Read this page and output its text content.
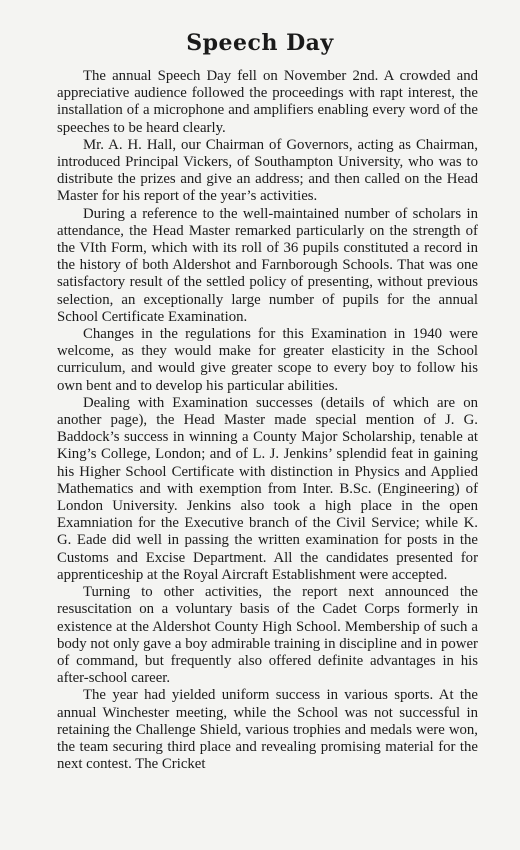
Speech Day

The annual Speech Day fell on November 2nd. A crowded and appreciative audience followed the proceedings with rapt interest, the installation of a microphone and amplifiers enabling every word of the speeches to be heard clearly.

Mr. A. H. Hall, our Chairman of Governors, acting as Chairman, introduced Principal Vickers, of Southampton University, who was to distribute the prizes and give an address; and then called on the Head Master for his report of the year’s activities.

During a reference to the well-maintained number of scholars in attendance, the Head Master remarked particularly on the strength of the VIth Form, which with its roll of 36 pupils constituted a record in the history of both Aldershot and Farnborough Schools. That was one satisfactory result of the settled policy of presenting, without previous selection, an exceptionally large number of pupils for the annual School Certificate Examination.

Changes in the regulations for this Examination in 1940 were welcome, as they would make for greater elasticity in the School curriculum, and would give greater scope to every boy to follow his own bent and to develop his particular abilities.

Dealing with Examination successes (details of which are on another page), the Head Master made special mention of J. G. Baddock’s success in winning a County Major Scholarship, tenable at King’s College, London; and of L. J. Jenkins’ splendid feat in gaining his Higher School Certificate with distinction in Physics and Applied Mathematics and with exemption from Inter. B.Sc. (Engineering) of London University. Jenkins also took a high place in the open Examniation for the Executive branch of the Civil Service; while K. G. Eade did well in passing the written examination for posts in the Customs and Excise Department. All the candidates presented for apprenticeship at the Royal Aircraft Establishment were accepted.

Turning to other activities, the report next announced the resuscitation on a voluntary basis of the Cadet Corps formerly in existence at the Aldershot County High School. Membership of such a body not only gave a boy admirable training in discipline and in power of command, but frequently also offered definite advantages in his after-school career.

The year had yielded uniform success in various sports. At the annual Winchester meeting, while the School was not successful in retaining the Challenge Shield, various trophies and medals were won, the team securing third place and revealing promising material for the next contest. The Cricket
